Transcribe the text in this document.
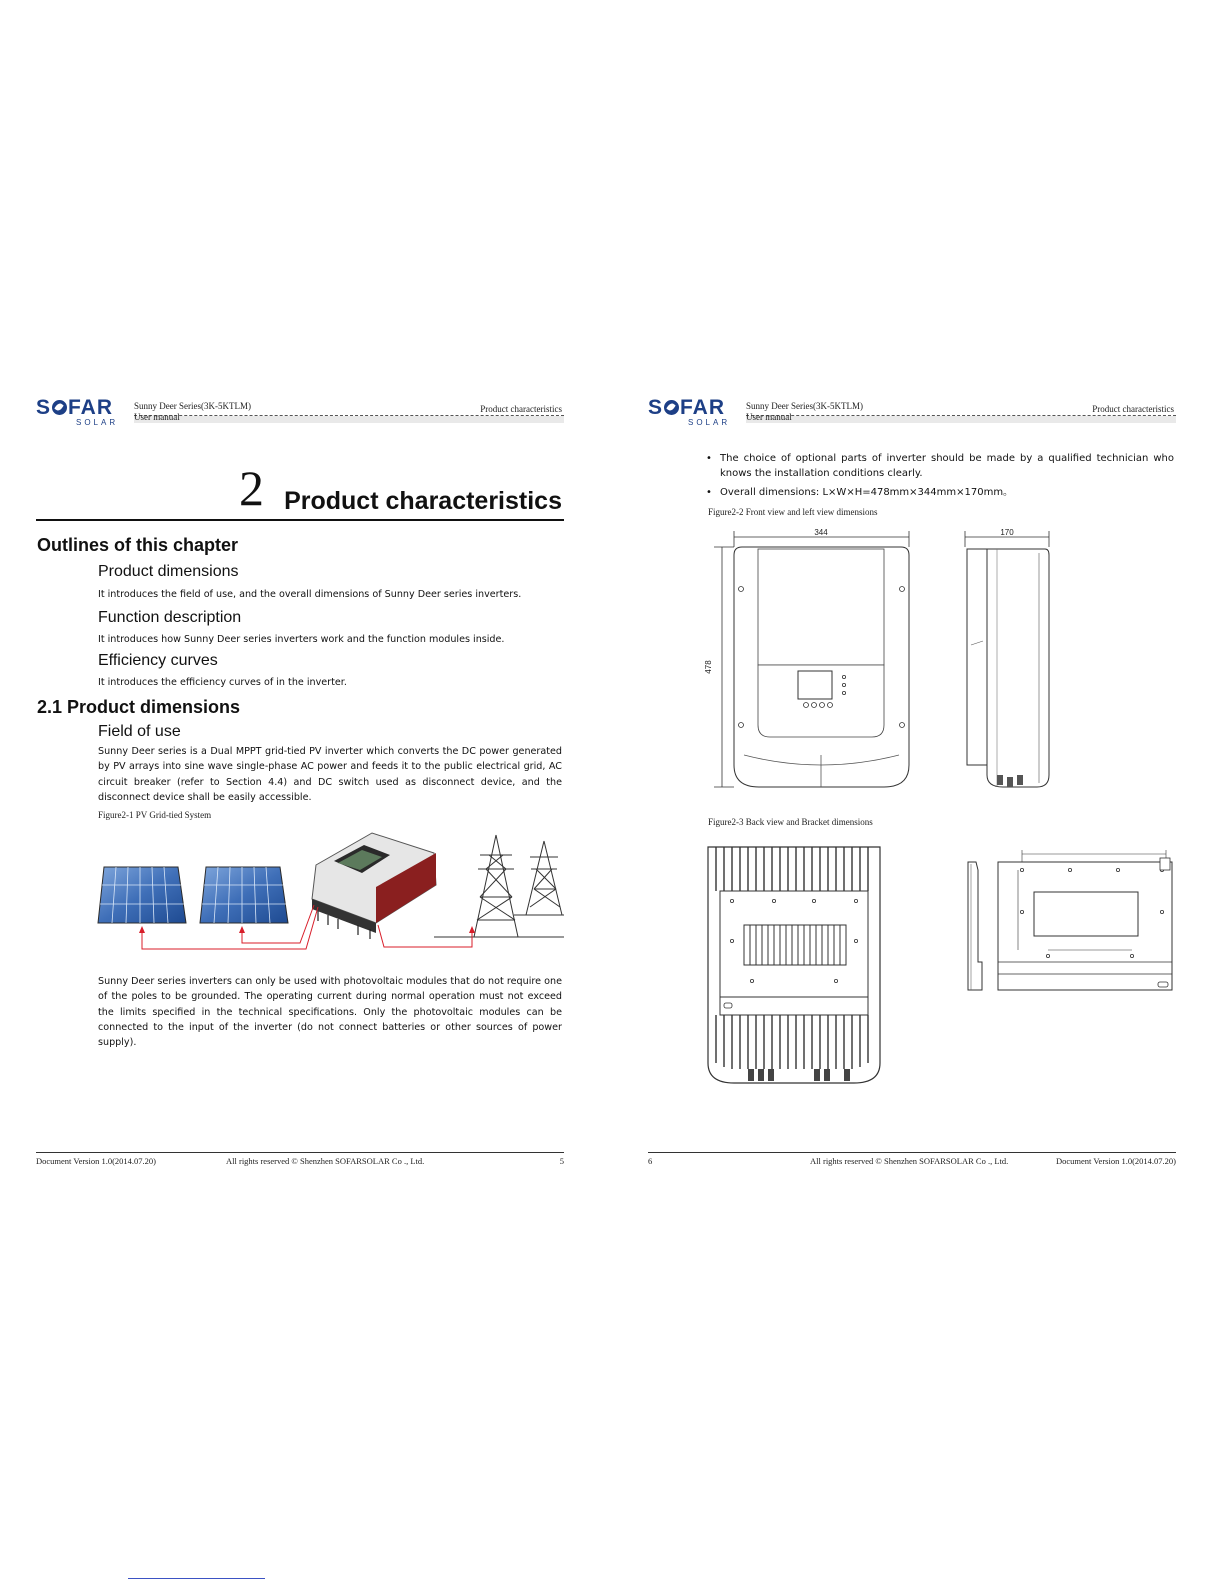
S FAR
SOLAR
Sunny Deer Series(3K-5KTLM)
User manual
Product characteristics
2 Product characteristics
Outlines of this chapter
Product dimensions
It introduces the field of use, and the overall dimensions of Sunny Deer series inverters.
Function description
It introduces how Sunny Deer series inverters work and the function modules inside.
Efficiency curves
It introduces the efficiency curves of in the inverter.
2.1 Product dimensions
Field of use
Sunny Deer series is a Dual MPPT grid-tied PV inverter which converts the DC power generated by PV arrays into sine wave single-phase AC power and feeds it to the public electrical grid, AC circuit breaker (refer to Section 4.4) and DC switch used as disconnect device, and the disconnect device shall be easily accessible.
Figure2-1 PV Grid-tied System
Sunny Deer series inverters can only be used with photovoltaic modules that do not require one of the poles to be grounded. The operating current during normal operation must not exceed the limits specified in the technical specifications. Only the photovoltaic modules can be connected to the input of the inverter (do not connect batteries or other sources of power supply).
Document Version 1.0(2014.07.20)	All rights reserved © Shenzhen SOFARSOLAR Co ., Ltd.	5
S FAR
SOLAR
Sunny Deer Series(3K-5KTLM)
User manual
Product characteristics
• The choice of optional parts of inverter should be made by a qualified technician who knows the installation conditions clearly.
• Overall dimensions: L×W×H=478mm×344mm×170mm。
Figure2-2 Front view and left view dimensions
344
478
170
Figure2-3 Back view and Bracket dimensions
6	All rights reserved © Shenzhen SOFARSOLAR Co ., Ltd.	Document Version 1.0(2014.07.20)
